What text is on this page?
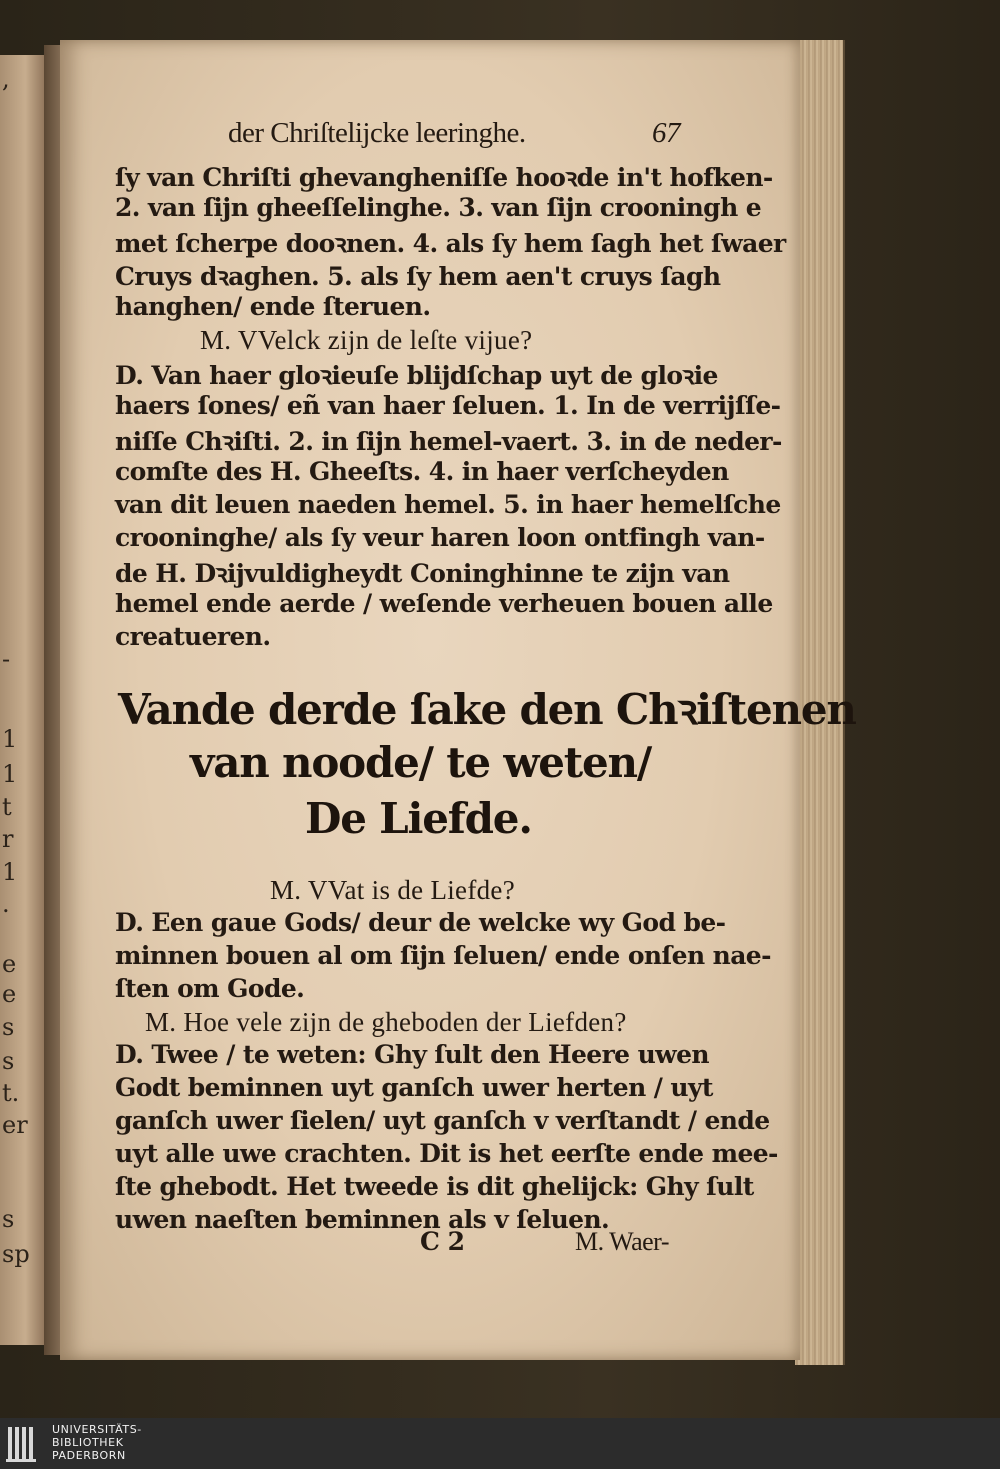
,
-
1
1
t
r
1
.
e
e
s
s
t.
er
s
sp
der Chriſtelijcke leeringhe.	67
ſy van Chriſti ghevangheniſſe hooꝛde in't hofken-
2. van ſijn gheeſſelinghe. 3. van ſijn crooningh e
met ſcherpe dooꝛnen. 4. als ſy hem ſagh het ſwaer
Cruys dꝛaghen. 5. als ſy hem aen't cruys ſagh
hanghen/ ende ſteruen.
M. VVelck zijn de leſte vijue?
D. Van haer gloꝛieuſe blijdſchap uyt de gloꝛie
haers ſones/ eñ van haer ſeluen. 1. In de verrijſſe-
niſſe Chꝛiſti. 2. in ſijn hemel-vaert. 3. in de neder-
comſte des H. Gheeſts. 4. in haer verſcheyden
van dit leuen naeden hemel. 5. in haer hemelſche
crooninghe/ als ſy veur haren loon ontfingh van-
de H. Dꝛijvuldigheydt Coninghinne te zijn van
hemel ende aerde / weſende verheuen bouen alle
creatueren.
Vande derde ſake den Chꝛiſtenen
van noode/ te weten/
De Liefde.
M. VVat is de Liefde?
D. Een gaue Gods/ deur de welcke wy God be-
minnen bouen al om ſijn ſeluen/ ende onſen nae-
ſten om Gode.
M. Hoe vele zijn de gheboden der Liefden?
D. Twee / te weten: Ghy ſult den Heere uwen
Godt beminnen uyt ganſch uwer herten / uyt
ganſch uwer ſielen/ uyt ganſch v verſtandt / ende
uyt alle uwe crachten. Dit is het eerſte ende mee-
ſte ghebodt. Het tweede is dit ghelijck: Ghy ſult
uwen naeſten beminnen als v ſeluen.
C 2	M. Waer-
UNIVERSITÄTS-
BIBLIOTHEK
PADERBORN
